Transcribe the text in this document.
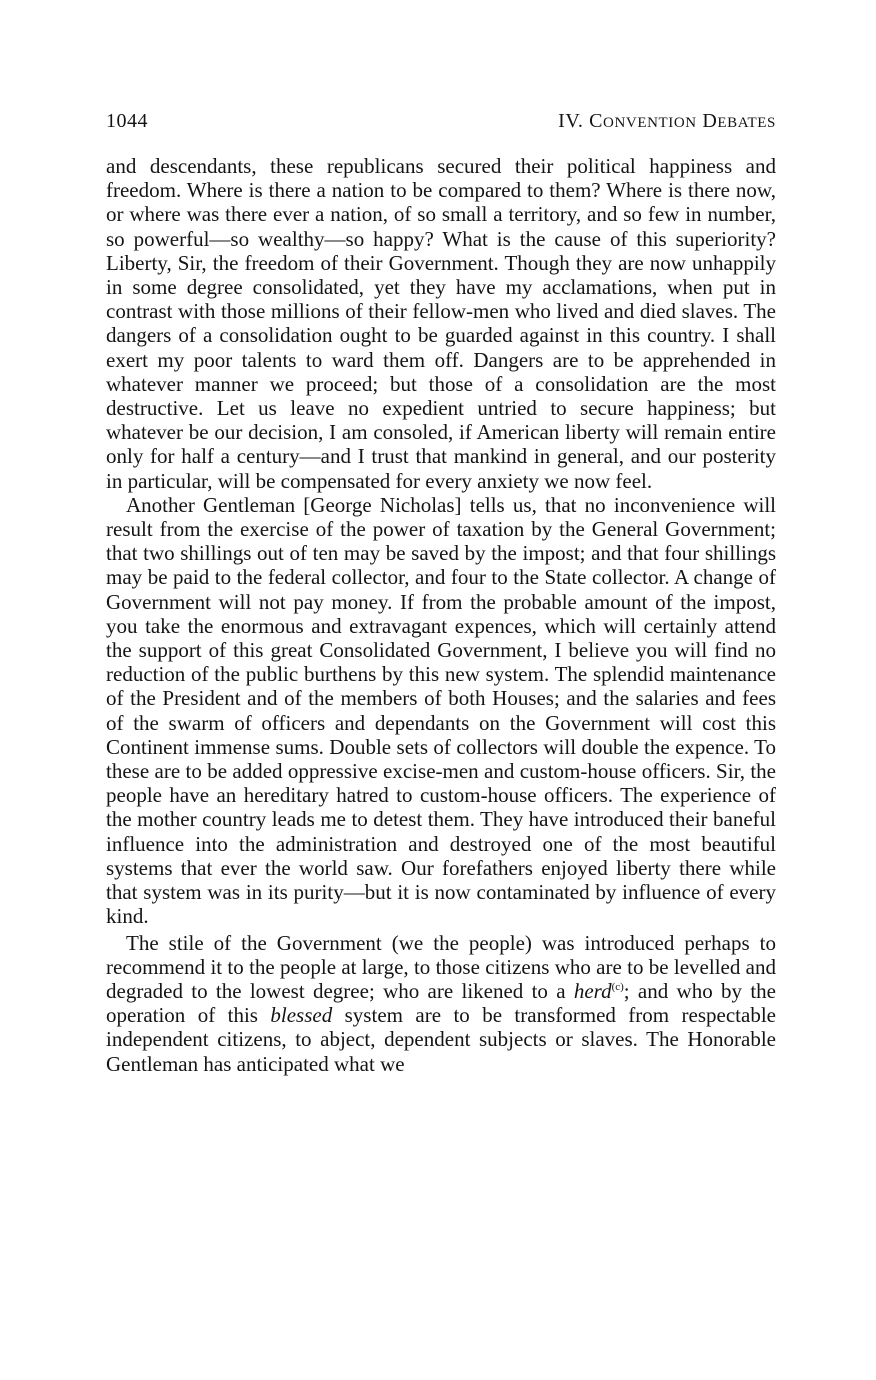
1044	IV. CONVENTION DEBATES

and descendants, these republicans secured their political happiness and freedom. Where is there a nation to be compared to them? Where is there now, or where was there ever a nation, of so small a territory, and so few in number, so powerful—so wealthy—so happy? What is the cause of this superiority? Liberty, Sir, the freedom of their Government. Though they are now unhappily in some degree consolidated, yet they have my acclamations, when put in contrast with those millions of their fellow-men who lived and died slaves. The dangers of a consolidation ought to be guarded against in this country. I shall exert my poor talents to ward them off. Dangers are to be apprehended in whatever manner we proceed; but those of a consolidation are the most destructive. Let us leave no expedient untried to secure happiness; but whatever be our decision, I am consoled, if American liberty will remain entire only for half a century—and I trust that mankind in general, and our posterity in particular, will be compensated for every anxiety we now feel.

Another Gentleman [George Nicholas] tells us, that no inconvenience will result from the exercise of the power of taxation by the General Government; that two shillings out of ten may be saved by the impost; and that four shillings may be paid to the federal collector, and four to the State collector. A change of Government will not pay money. If from the probable amount of the impost, you take the enormous and extravagant expences, which will certainly attend the support of this great Consolidated Government, I believe you will find no reduction of the public burthens by this new system. The splendid maintenance of the President and of the members of both Houses; and the salaries and fees of the swarm of officers and dependants on the Government will cost this Continent immense sums. Double sets of collectors will double the expence. To these are to be added oppressive excise-men and custom-house officers. Sir, the people have an hereditary hatred to custom-house officers. The experience of the mother country leads me to detest them. They have introduced their baneful influence into the administration and destroyed one of the most beautiful systems that ever the world saw. Our forefathers enjoyed liberty there while that system was in its purity—but it is now contaminated by influence of every kind.

The stile of the Government (we the people) was introduced perhaps to recommend it to the people at large, to those citizens who are to be levelled and degraded to the lowest degree; who are likened to a herd$^{(c)}$; and who by the operation of this blessed system are to be transformed from respectable independent citizens, to abject, dependent subjects or slaves. The Honorable Gentleman has anticipated what we
